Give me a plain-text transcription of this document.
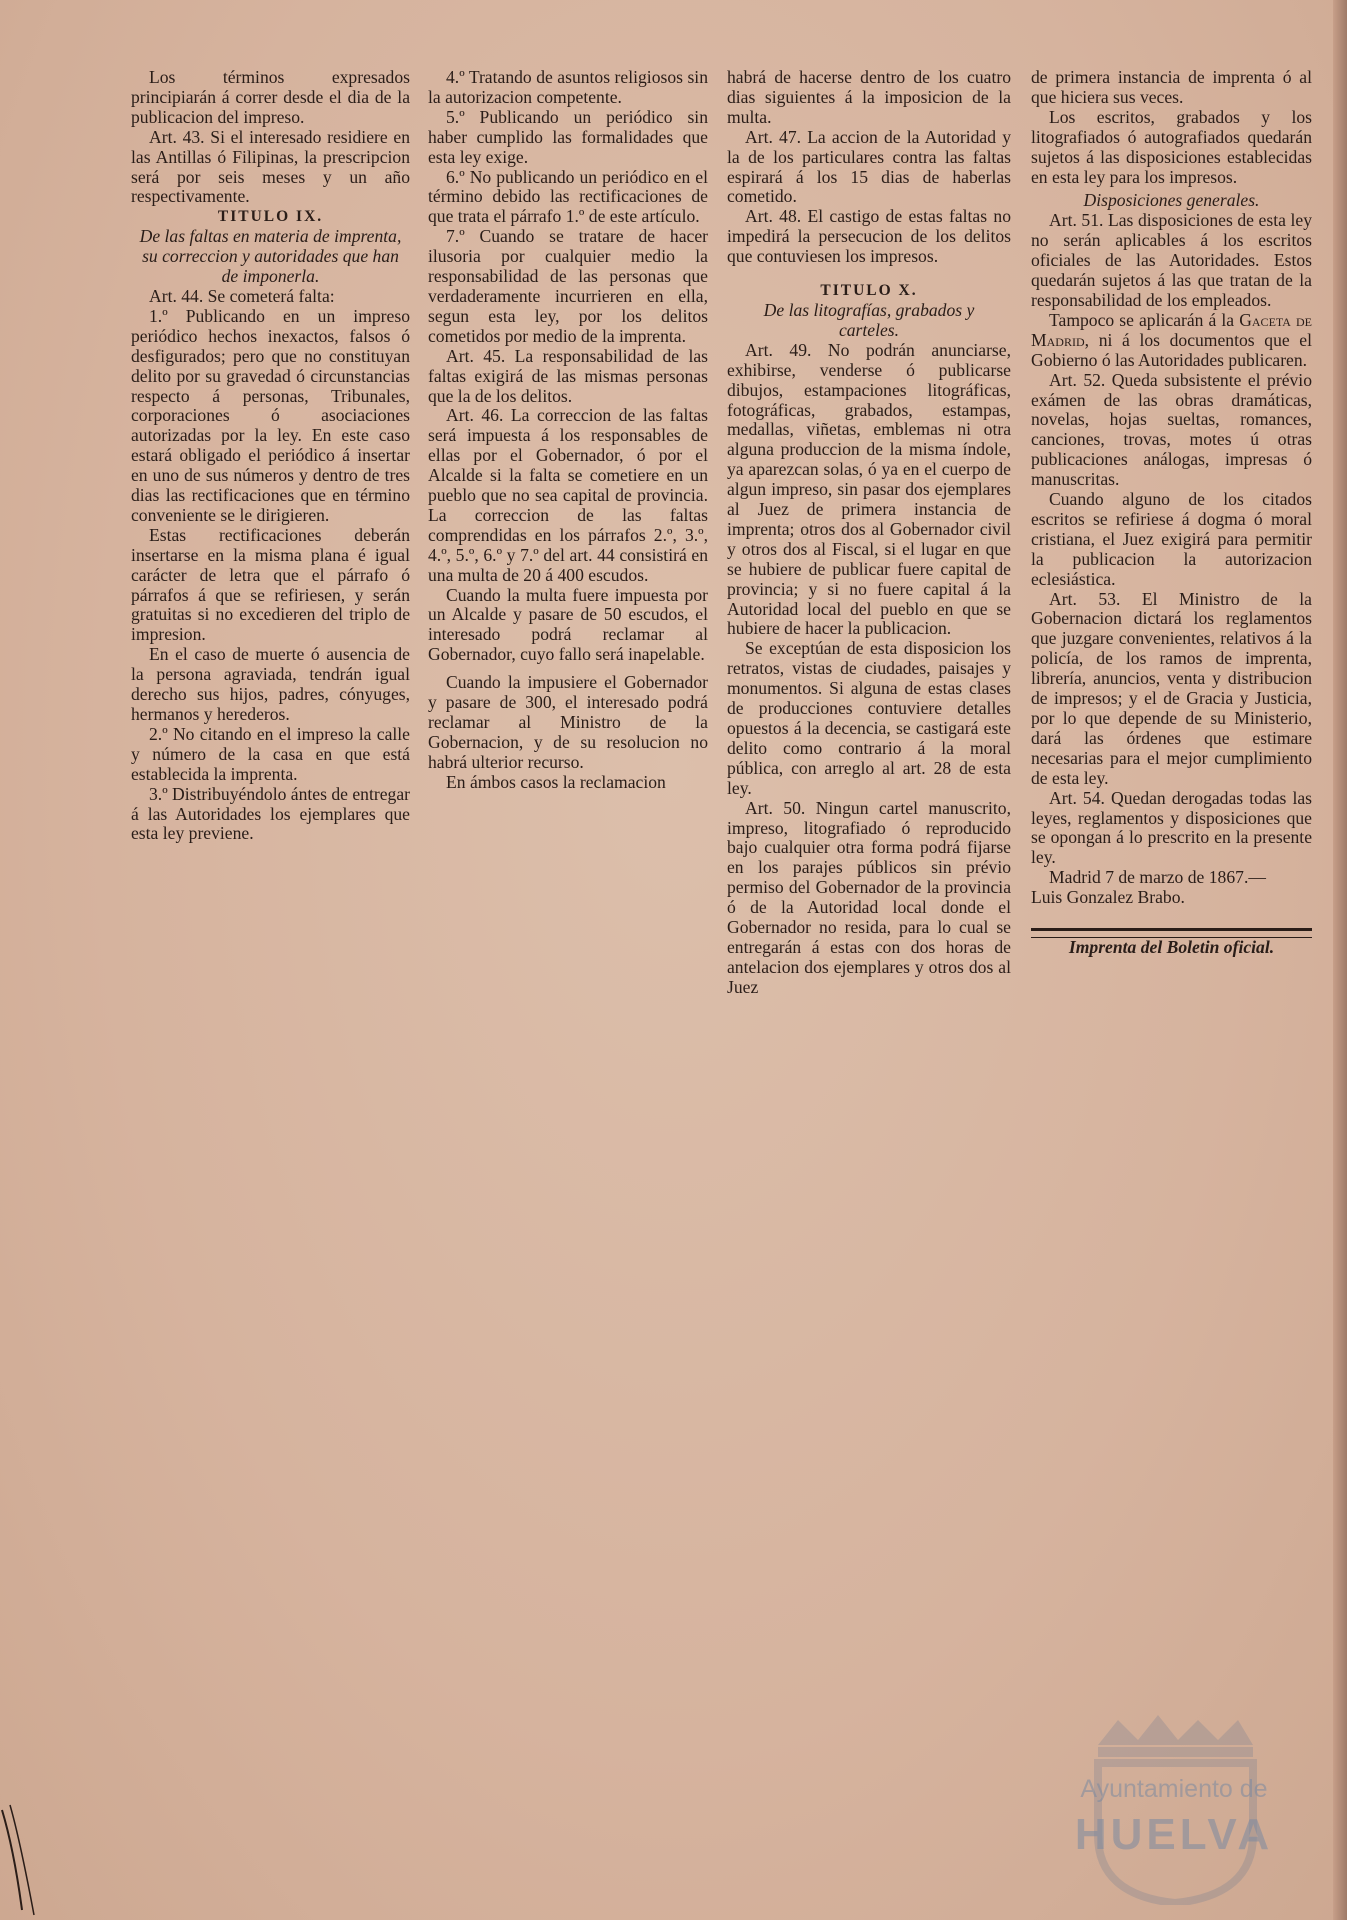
Los términos expresados principiarán á correr desde el dia de la publicacion del impreso.

Art. 43. Si el interesado residiere en las Antillas ó Filipinas, la prescripcion será por seis meses y un año respectivamente.

TITULO IX.

De las faltas en materia de imprenta, su correccion y autoridades que han de imponerla.

Art. 44. Se cometerá falta:

1.º Publicando en un impreso periódico hechos inexactos, falsos ó desfigurados; pero que no constituyan delito por su gravedad ó circunstancias respecto á personas, Tribunales, corporaciones ó asociaciones autorizadas por la ley. En este caso estará obligado el periódico á insertar en uno de sus números y dentro de tres dias las rectificaciones que en término conveniente se le dirigieren.

Estas rectificaciones deberán insertarse en la misma plana é igual carácter de letra que el párrafo ó párrafos á que se refiriesen, y serán gratuitas si no excedieren del triplo de impresion.

En el caso de muerte ó ausencia de la persona agraviada, tendrán igual derecho sus hijos, padres, cónyuges, hermanos y herederos.

2.º No citando en el impreso la calle y número de la casa en que está establecida la imprenta.

3.º Distribuyéndolo ántes de entregar á las Autoridades los ejemplares que esta ley previene.

4.º Tratando de asuntos religiosos sin la autorizacion competente.

5.º Publicando un periódico sin haber cumplido las formalidades que esta ley exige.

6.º No publicando un periódico en el término debido las rectificaciones de que trata el párrafo 1.º de este artículo.

7.º Cuando se tratare de hacer ilusoria por cualquier medio la responsabilidad de las personas que verdaderamente incurrieren en ella, segun esta ley, por los delitos cometidos por medio de la imprenta.

Art. 45. La responsabilidad de las faltas exigirá de las mismas personas que la de los delitos.

Art. 46. La correccion de las faltas será impuesta á los responsables de ellas por el Gobernador, ó por el Alcalde si la falta se cometiere en un pueblo que no sea capital de provincia. La correccion de las faltas comprendidas en los párrafos 2.º, 3.º, 4.º, 5.º, 6.º y 7.º del art. 44 consistirá en una multa de 20 á 400 escudos.

Cuando la multa fuere impuesta por un Alcalde y pasare de 50 escudos, el interesado podrá reclamar al Gobernador, cuyo fallo será inapelable.

Cuando la impusiere el Gobernador y pasare de 300, el interesado podrá reclamar al Ministro de la Gobernacion, y de su resolucion no habrá ulterior recurso.

En ámbos casos la reclamacion

habrá de hacerse dentro de los cuatro dias siguientes á la imposicion de la multa.

Art. 47. La accion de la Autoridad y la de los particulares contra las faltas espirará á los 15 dias de haberlas cometido.

Art. 48. El castigo de estas faltas no impedirá la persecucion de los delitos que contuviesen los impresos.

TITULO X.

De las litografías, grabados y carteles.

Art. 49. No podrán anunciarse, exhibirse, venderse ó publicarse dibujos, estampaciones litográficas, fotográficas, grabados, estampas, medallas, viñetas, emblemas ni otra alguna produccion de la misma índole, ya aparezcan solas, ó ya en el cuerpo de algun impreso, sin pasar dos ejemplares al Juez de primera instancia de imprenta; otros dos al Gobernador civil y otros dos al Fiscal, si el lugar en que se hubiere de publicar fuere capital de provincia; y si no fuere capital á la Autoridad local del pueblo en que se hubiere de hacer la publicacion.

Se exceptúan de esta disposicion los retratos, vistas de ciudades, paisajes y monumentos. Si alguna de estas clases de producciones contuviere detalles opuestos á la decencia, se castigará este delito como contrario á la moral pública, con arreglo al art. 28 de esta ley.

Art. 50. Ningun cartel manuscrito, impreso, litografiado ó reproducido bajo cualquier otra forma podrá fijarse en los parajes públicos sin prévio permiso del Gobernador de la provincia ó de la Autoridad local donde el Gobernador no resida, para lo cual se entregarán á estas con dos horas de antelacion dos ejemplares y otros dos al Juez

de primera instancia de imprenta ó al que hiciera sus veces.

Los escritos, grabados y los litografiados ó autografiados quedarán sujetos á las disposiciones establecidas en esta ley para los impresos.

Disposiciones generales.

Art. 51. Las disposiciones de esta ley no serán aplicables á los escritos oficiales de las Autoridades. Estos quedarán sujetos á las que tratan de la responsabilidad de los empleados.

Tampoco se aplicarán á la Gaceta de Madrid, ni á los documentos que el Gobierno ó las Autoridades publicaren.

Art. 52. Queda subsistente el prévio exámen de las obras dramáticas, novelas, hojas sueltas, romances, canciones, trovas, motes ú otras publicaciones análogas, impresas ó manuscritas.

Cuando alguno de los citados escritos se refiriese á dogma ó moral cristiana, el Juez exigirá para permitir la publicacion la autorizacion eclesiástica.

Art. 53. El Ministro de la Gobernacion dictará los reglamentos que juzgare convenientes, relativos á la policía, de los ramos de imprenta, librería, anuncios, venta y distribucion de impresos; y el de Gracia y Justicia, por lo que depende de su Ministerio, dará las órdenes que estimare necesarias para el mejor cumplimiento de esta ley.

Art. 54. Quedan derogadas todas las leyes, reglamentos y disposiciones que se opongan á lo prescrito en la presente ley.

Madrid 7 de marzo de 1867.—

Luis Gonzalez Brabo.

Imprenta del Boletin oficial.

Ayuntamiento de
HUELVA
